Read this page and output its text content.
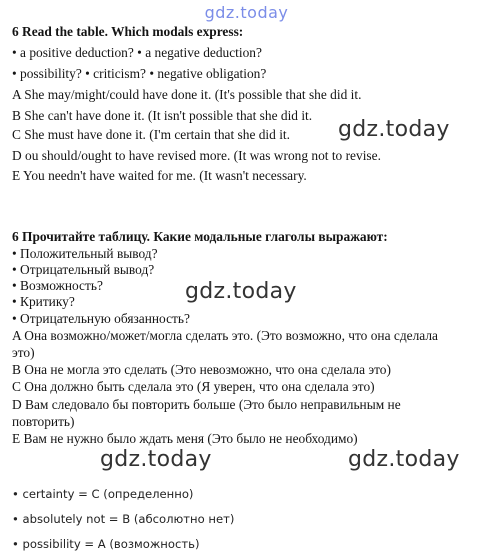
gdz.today
6 Read the table. Which modals express:
• a positive deduction? • a negative deduction?
• possibility? • criticism? • negative obligation?
A She may/might/could have done it. (It's possible that she did it.
B She can't have done it. (It isn't possible that she did it.
C She must have done it. (I'm certain that she did it.
D ou should/ought to have revised more. (It was wrong not to revise.
E You needn't have waited for me. (It wasn't necessary.
6 Прочитайте таблицу. Какие модальные глаголы выражают:
• Положительный вывод?
• Отрицательный вывод?
• Возможность?
• Критику?
• Отрицательную обязанность?
A Она возможно/может/могла сделать это. (Это возможно, что она сделала
это)
B Она не могла это сделать (Это невозможно, что она сделала это)
C Она должно быть сделала это (Я уверен, что она сделала это)
D Вам следовало бы повторить больше (Это было неправильным не
повторить)
E Вам не нужно было ждать меня (Это было не необходимо)
• certainty = C (определенно)
• absolutely not = B (абсолютно нет)
• possibility = A (возможность)
gdz.today
gdz.today
gdz.today	gdz.today
